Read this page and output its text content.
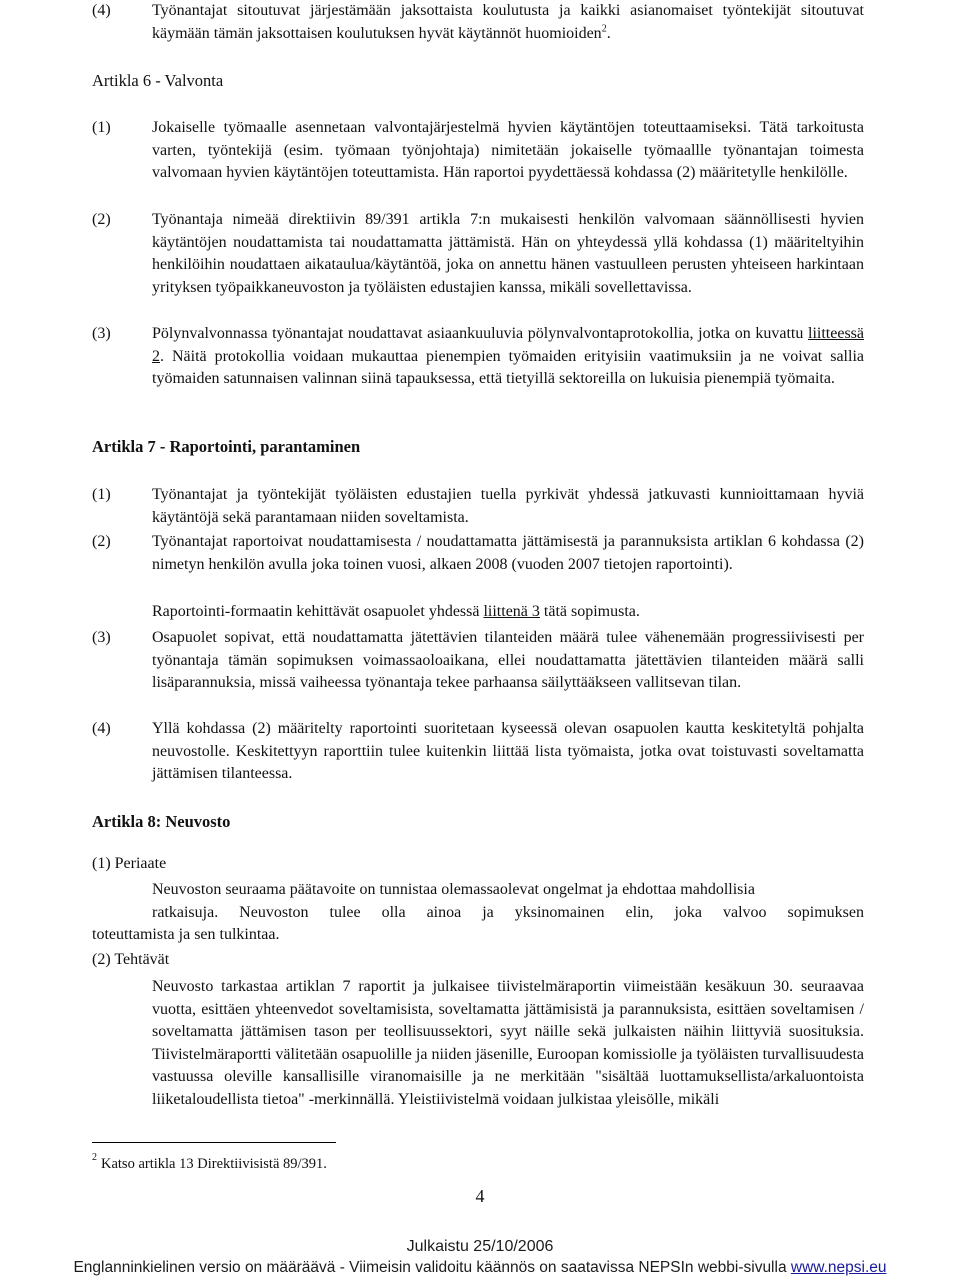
(4)	Työnantajat sitoutuvat järjestämään jaksottaista koulutusta ja kaikki asianomaiset työntekijät sitoutuvat käymään tämän jaksottaisen koulutuksen hyvät käytännöt huomioiden$^2$.

Artikla 6 - Valvonta
(1)	Jokaiselle työmaalle asennetaan valvontajärjestelmä hyvien käytäntöjen toteuttaamiseksi. Tätä tarkoitusta varten, työntekijä (esim. työmaan työnjohtaja) nimitetään jokaiselle työmaallle työnantajan toimesta valvomaan hyvien käytäntöjen toteuttamista. Hän raportoi pyydettäessä kohdassa (2) määritetylle henkilölle.

(2)	Työnantaja nimeää direktiivin 89/391 artikla 7:n mukaisesti henkilön valvomaan säännöllisesti hyvien käytäntöjen noudattamista tai noudattamatta jättämistä. Hän on yhteydessä yllä kohdassa (1) määriteltyihin henkilöihin noudattaen aikataulua/käytäntöä, joka on annettu hänen vastuulleen perusten yhteiseen harkintaan yrityksen työpaikkaneuvoston ja työläisten edustajien kanssa, mikäli sovellettavissa.

(3)	Pölynvalvonnassa työnantajat noudattavat asiaankuuluvia pölynvalvontaprotokollia, jotka on kuvattu liitteessä 2. Näitä protokollia voidaan mukauttaa pienempien työmaiden erityisiin vaatimuksiin ja ne voivat sallia työmaiden satunnaisen valinnan siinä tapauksessa, että tietyillä sektoreilla on lukuisia pienempiä työmaita.

Artikla 7 - Raportointi, parantaminen
(1)	Työnantajat ja työntekijät työläisten edustajien tuella pyrkivät yhdessä jatkuvasti kunnioittamaan hyviä käytäntöjä sekä parantamaan niiden soveltamista.

(2)	Työnantajat raportoivat noudattamisesta / noudattamatta jättämisestä ja parannuksista artiklan 6 kohdassa (2) nimetyn henkilön avulla joka toinen vuosi, alkaen 2008 (vuoden 2007 tietojen raportointi).

Raportointi-formaatin kehittävät osapuolet yhdessä liittenä 3 tätä sopimusta.

(3)	Osapuolet sopivat, että noudattamatta jätettävien tilanteiden määrä tulee vähenemään progressiivisesti per työnantaja tämän sopimuksen voimassaoloaikana, ellei noudattamatta jätettävien tilanteiden määrä salli lisäparannuksia, missä vaiheessa työnantaja tekee parhaansa säilyttääkseen vallitsevan tilan.

(4)	Yllä kohdassa (2) määritelty raportointi suoritetaan kyseessä olevan osapuolen kautta keskitetyltä pohjalta neuvostolle. Keskitettyyn raporttiin tulee kuitenkin liittää lista työmaista, jotka ovat toistuvasti soveltamatta jättämisen tilanteessa.

Artikla 8: Neuvosto
(1) Periaate

Neuvoston seuraama päätavoite on tunnistaa olemassaolevat ongelmat ja ehdottaa mahdollisia

ratkaisuja. Neuvoston tulee olla ainoa ja yksinomainen elin, joka valvoo sopimuksen

toteuttamista ja sen tulkintaa.

(2) Tehtävät

Neuvosto tarkastaa artiklan 7 raportit ja julkaisee tiivistelmäraportin viimeistään kesäkuun 30. seuraavaa vuotta, esittäen yhteenvedot soveltamisista, soveltamatta jättämisistä ja parannuksista, esittäen soveltamisen / soveltamatta jättämisen tason per teollisuussektori, syyt näille sekä julkaisten näihin liittyviä suosituksia. Tiivistelmäraportti välitetään osapuolille ja niiden jäsenille, Euroopan komissiolle ja työläisten turvallisuudesta vastuussa oleville kansallisille viranomaisille ja ne merkitään "sisältää luottamuksellista/arkaluontoista liiketaloudellista tietoa" -merkinnällä. Yleistiivistelmä voidaan julkistaa yleisölle, mikäli

$^2$ Katso artikla 13 Direktiivisistä 89/391.
4
Julkaistu 25/10/2006
Englanninkielinen versio on määräävä - Viimeisin validoitu käännös on saatavissa NEPSIn webbi-sivulla www.nepsi.eu
